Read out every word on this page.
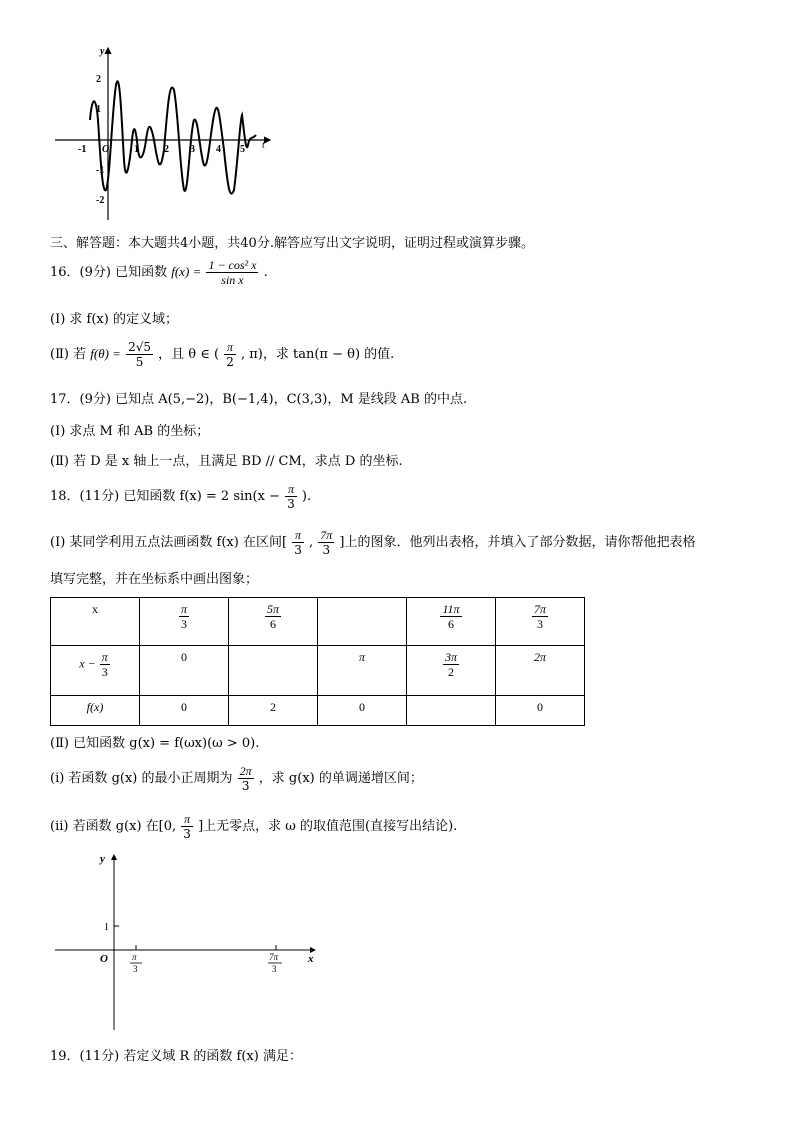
y
t
2
1
-1
-2
-1 O 1	2 3 4 5
三、解答题：本大题共4小题，共40分.解答应写出文字说明，证明过程或演算步骤。
16．(9分) 已知函数 $f(x) = \frac{\text{1 − cos² x}}{\text{sin x}}$ .
(Ⅰ) 求 f(x) 的定义域；
(Ⅱ) 若 $f(\theta) = \frac{2√5}{5}$ ，且 θ ∈ ( $\frac{\pi}{2}$ , π)，求 tan(π − θ) 的值.
17．(9分) 已知点 A(5,−2)，B(−1,4)，C(3,3)，M 是线段 AB 的中点.
(Ⅰ) 求点 M 和 AB 的坐标；
(Ⅱ) 若 D 是 x 轴上一点，且满足 BD // CM，求点 D 的坐标.
18．(11分) 已知函数 f(x) = 2 $\sin(x - \frac{\pi}{3}$ ).
(Ⅰ) 某同学利用五点法画函数 f(x) 在区间[ $\frac{\pi}{3}$ , $\frac{7\pi}{3}$ ]上的图象．他列出表格，并填入了部分数据，请你帮他把表格
填写完整，并在坐标系中画出图象；
x	$\frac{\pi}{3}$	$\frac{5\pi}{6}$		$\frac{11\pi}{6}$	$\frac{7\pi}{3}$

$x - \frac{\pi}{3}$	0		π	$\frac{3\pi}{2}$	2π
f(x)	0	2	0		0
(Ⅱ) 已知函数 g(x) = f(ωx)(ω > 0).
(ⅰ) 若函数 g(x) 的最小正周期为 $\frac{2\pi}{3}$ ，求 g(x) 的单调递增区间；
(ⅱ) 若函数 g(x) 在[0, $\frac{\pi}{3}$ ]上无零点，求 ω 的取值范围(直接写出结论).
y
x
O
1
π
3
7π
3
19．(11分) 若定义域 R 的函数 f(x) 满足：
